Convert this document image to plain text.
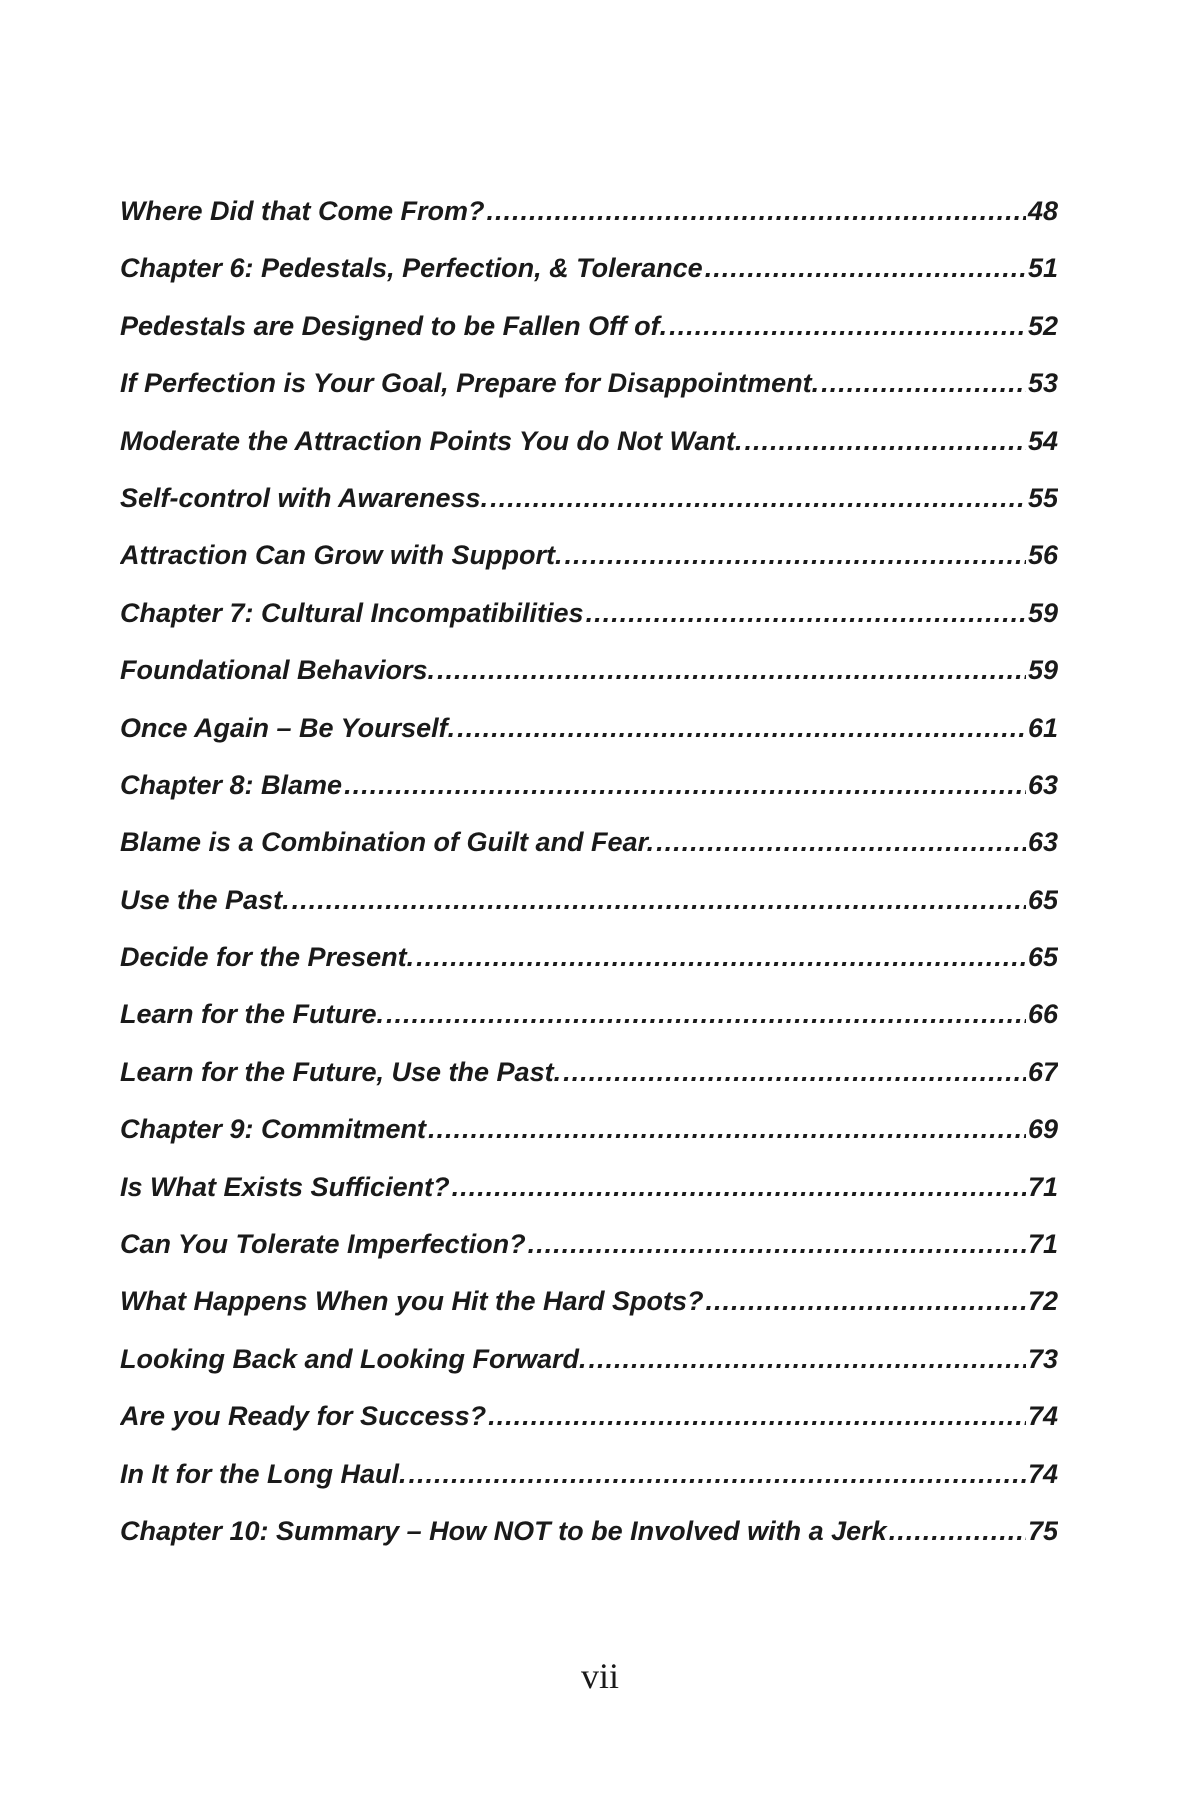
Where Did that Come From? .....	48
Chapter 6: Pedestals, Perfection, & Tolerance .....	51
Pedestals are Designed to be Fallen Off of. .....	52
If Perfection is Your Goal, Prepare for Disappointment. .....	53
Moderate the Attraction Points You do Not Want. .....	54
Self-control with Awareness. .....	55
Attraction Can Grow with Support. .....	56
Chapter 7: Cultural Incompatibilities .....	59
Foundational Behaviors. .....	59
Once Again – Be Yourself. .....	61
Chapter 8: Blame .....	63
Blame is a Combination of Guilt and Fear. .....	63
Use the Past. .....	65
Decide for the Present. .....	65
Learn for the Future. .....	66
Learn for the Future, Use the Past. .....	67
Chapter 9: Commitment .....	69
Is What Exists Sufficient? .....	71
Can You Tolerate Imperfection? .....	71
What Happens When you Hit the Hard Spots? .....	72
Looking Back and Looking Forward. .....	73
Are you Ready for Success? .....	74
In It for the Long Haul. .....	74
Chapter 10: Summary – How NOT to be Involved with a Jerk .....	75
vii
